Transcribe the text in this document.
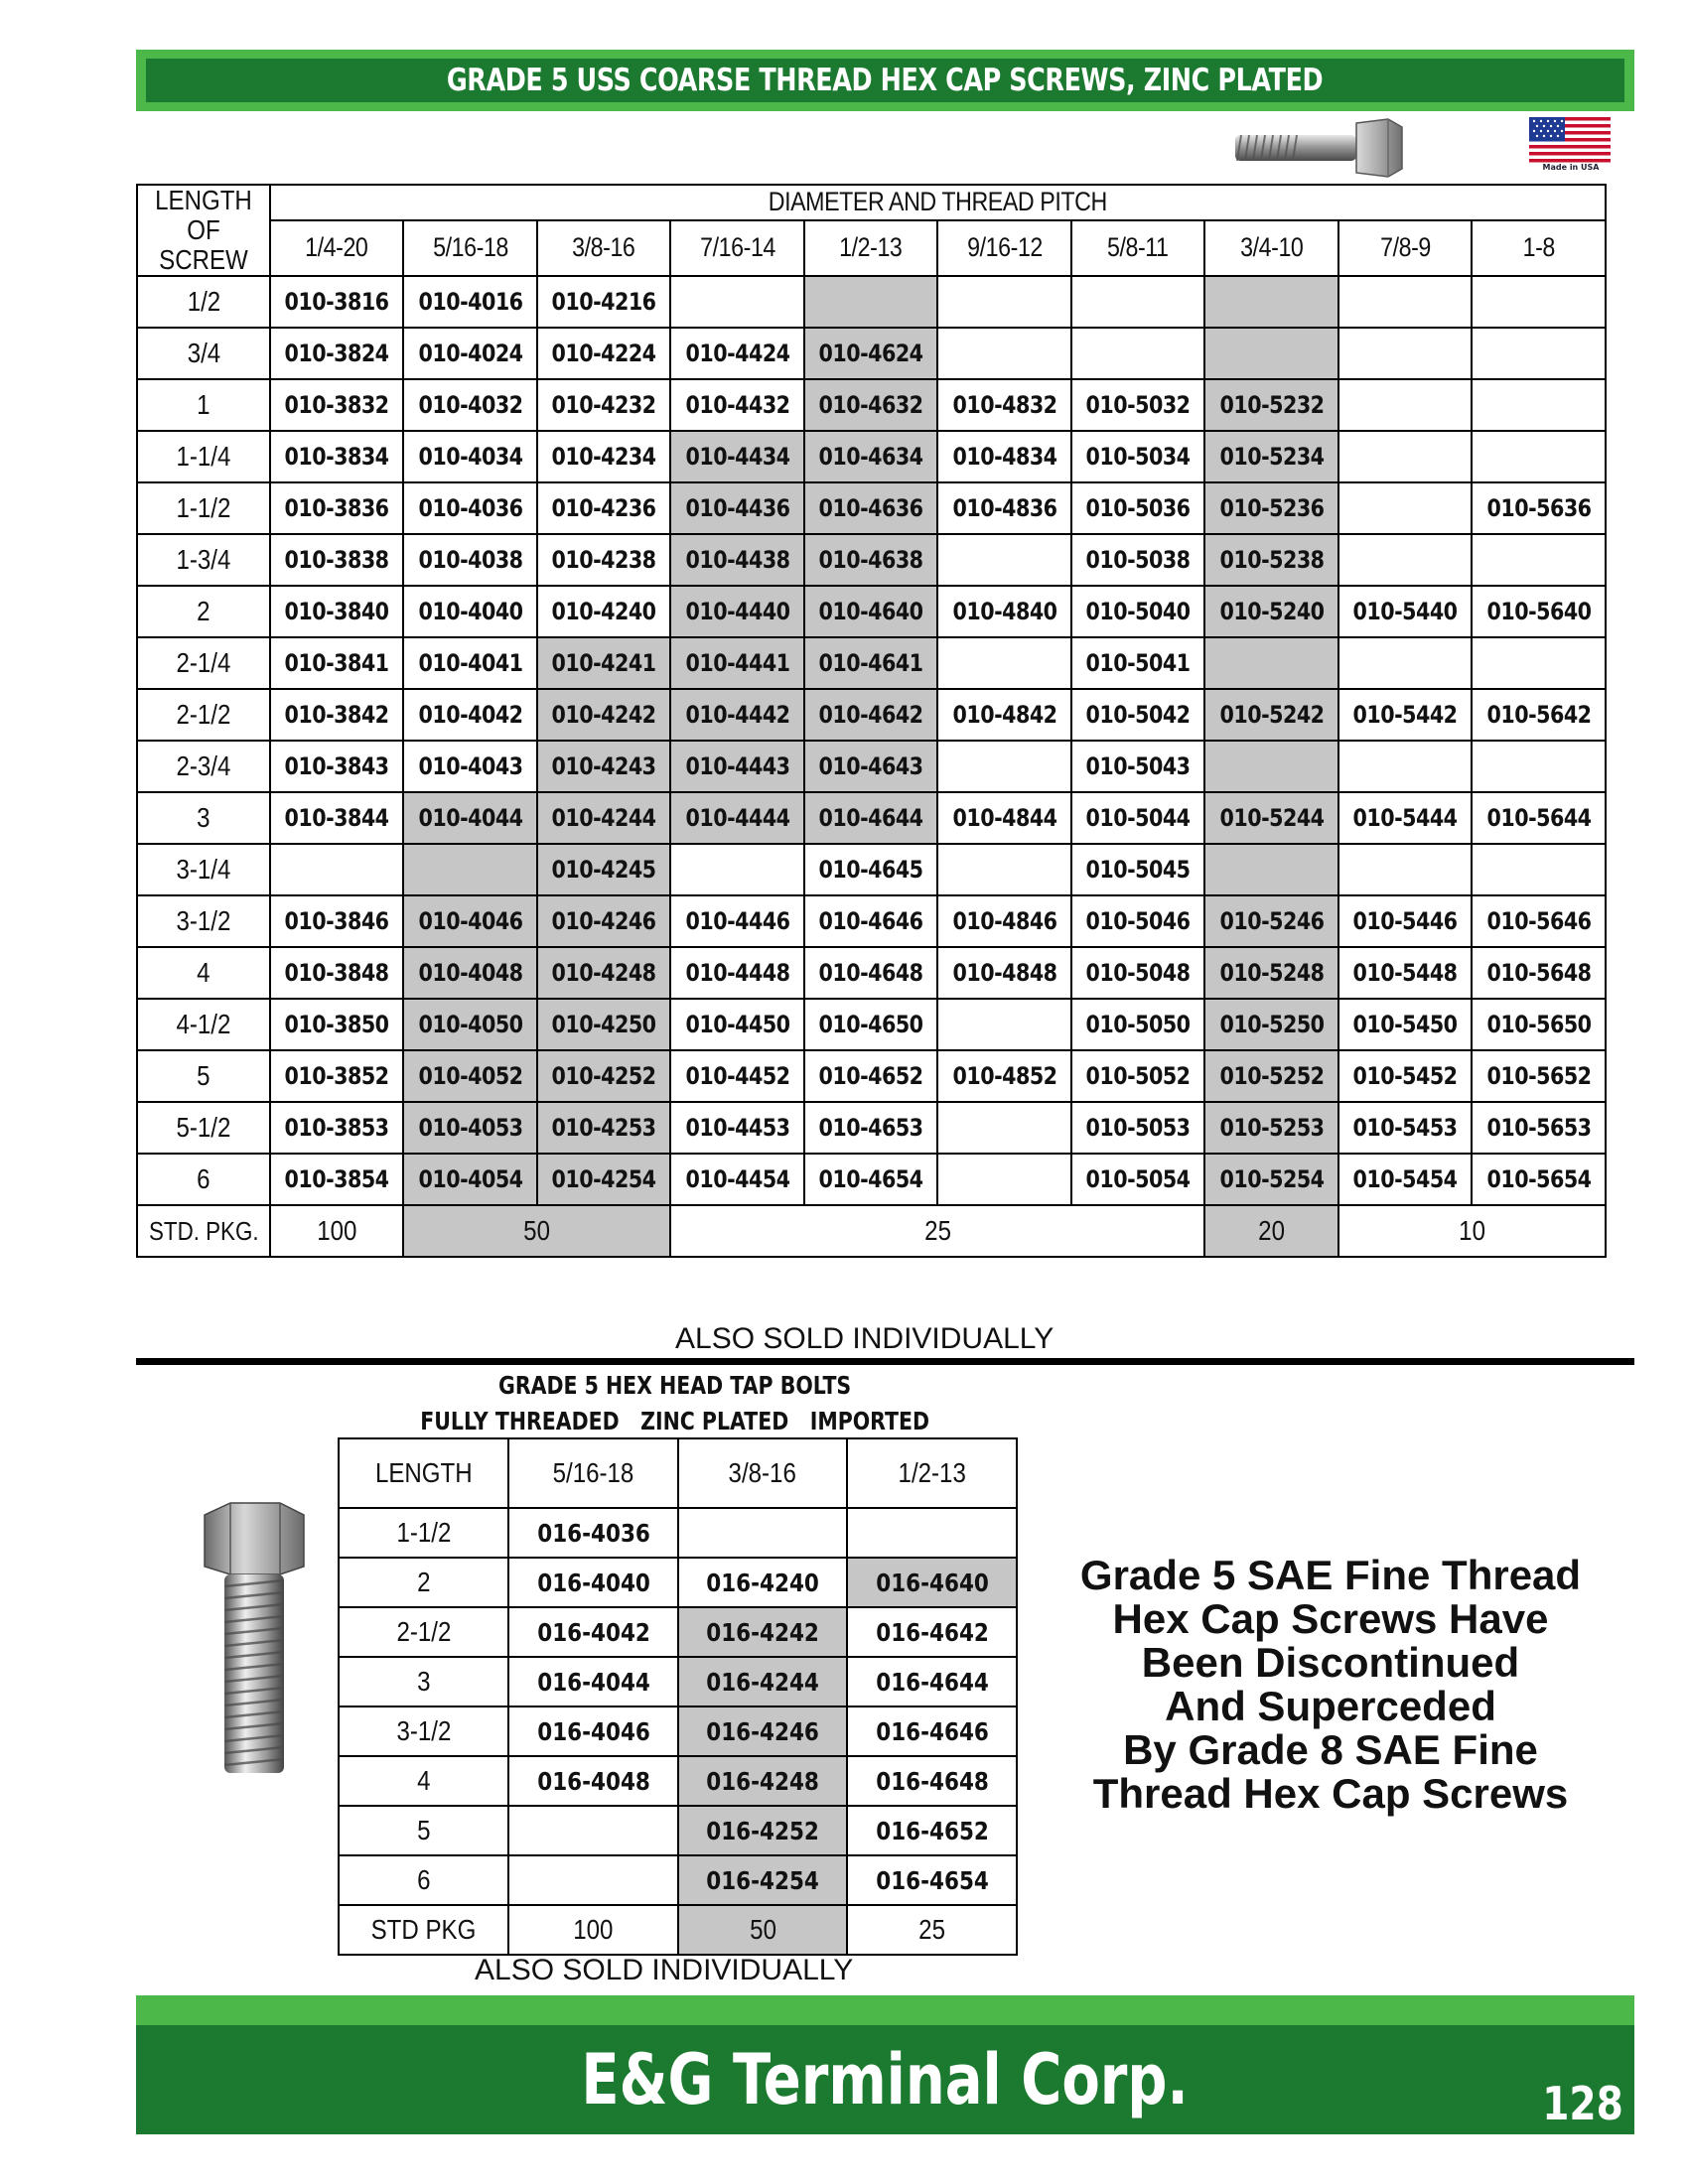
GRADE 5 USS COARSE THREAD HEX CAP SCREWS, ZINC PLATED
Made in USA
LENGTH
OF
SCREW	DIAMETER AND THREAD PITCH									
	1/4-20	5/16-18	3/8-16	7/16-14	1/2-13	9/16-12	5/8-11	3/4-10	7/8-9	1-8
1/2	010-3816	010-4016	010-4216							
3/4	010-3824	010-4024	010-4224	010-4424	010-4624					
1	010-3832	010-4032	010-4232	010-4432	010-4632	010-4832	010-5032	010-5232		
1-1/4	010-3834	010-4034	010-4234	010-4434	010-4634	010-4834	010-5034	010-5234		
1-1/2	010-3836	010-4036	010-4236	010-4436	010-4636	010-4836	010-5036	010-5236		010-5636
1-3/4	010-3838	010-4038	010-4238	010-4438	010-4638		010-5038	010-5238		
2	010-3840	010-4040	010-4240	010-4440	010-4640	010-4840	010-5040	010-5240	010-5440	010-5640
2-1/4	010-3841	010-4041	010-4241	010-4441	010-4641		010-5041			
2-1/2	010-3842	010-4042	010-4242	010-4442	010-4642	010-4842	010-5042	010-5242	010-5442	010-5642
2-3/4	010-3843	010-4043	010-4243	010-4443	010-4643		010-5043			
3	010-3844	010-4044	010-4244	010-4444	010-4644	010-4844	010-5044	010-5244	010-5444	010-5644
3-1/4			010-4245		010-4645		010-5045			
3-1/2	010-3846	010-4046	010-4246	010-4446	010-4646	010-4846	010-5046	010-5246	010-5446	010-5646
4	010-3848	010-4048	010-4248	010-4448	010-4648	010-4848	010-5048	010-5248	010-5448	010-5648
4-1/2	010-3850	010-4050	010-4250	010-4450	010-4650		010-5050	010-5250	010-5450	010-5650
5	010-3852	010-4052	010-4252	010-4452	010-4652	010-4852	010-5052	010-5252	010-5452	010-5652
5-1/2	010-3853	010-4053	010-4253	010-4453	010-4653		010-5053	010-5253	010-5453	010-5653
6	010-3854	010-4054	010-4254	010-4454	010-4654		010-5054	010-5254	010-5454	010-5654
STD. PKG.	100	50		25				20	10	
ALSO SOLD INDIVIDUALLY
GRADE 5 HEX HEAD TAP BOLTS
FULLY THREADED   ZINC PLATED   IMPORTED
LENGTH	5/16-18	3/8-16	1/2-13
1-1/2	016-4036		
2	016-4040	016-4240	016-4640
2-1/2	016-4042	016-4242	016-4642
3	016-4044	016-4244	016-4644
3-1/2	016-4046	016-4246	016-4646
4	016-4048	016-4248	016-4648
5		016-4252	016-4652
6		016-4254	016-4654
STD PKG	100	50	25
ALSO SOLD INDIVIDUALLY
Grade 5 SAE Fine Thread
Hex Cap Screws Have
Been Discontinued
And Superceded
By Grade 8 SAE Fine
Thread Hex Cap Screws
E&G Terminal Corp.	128
